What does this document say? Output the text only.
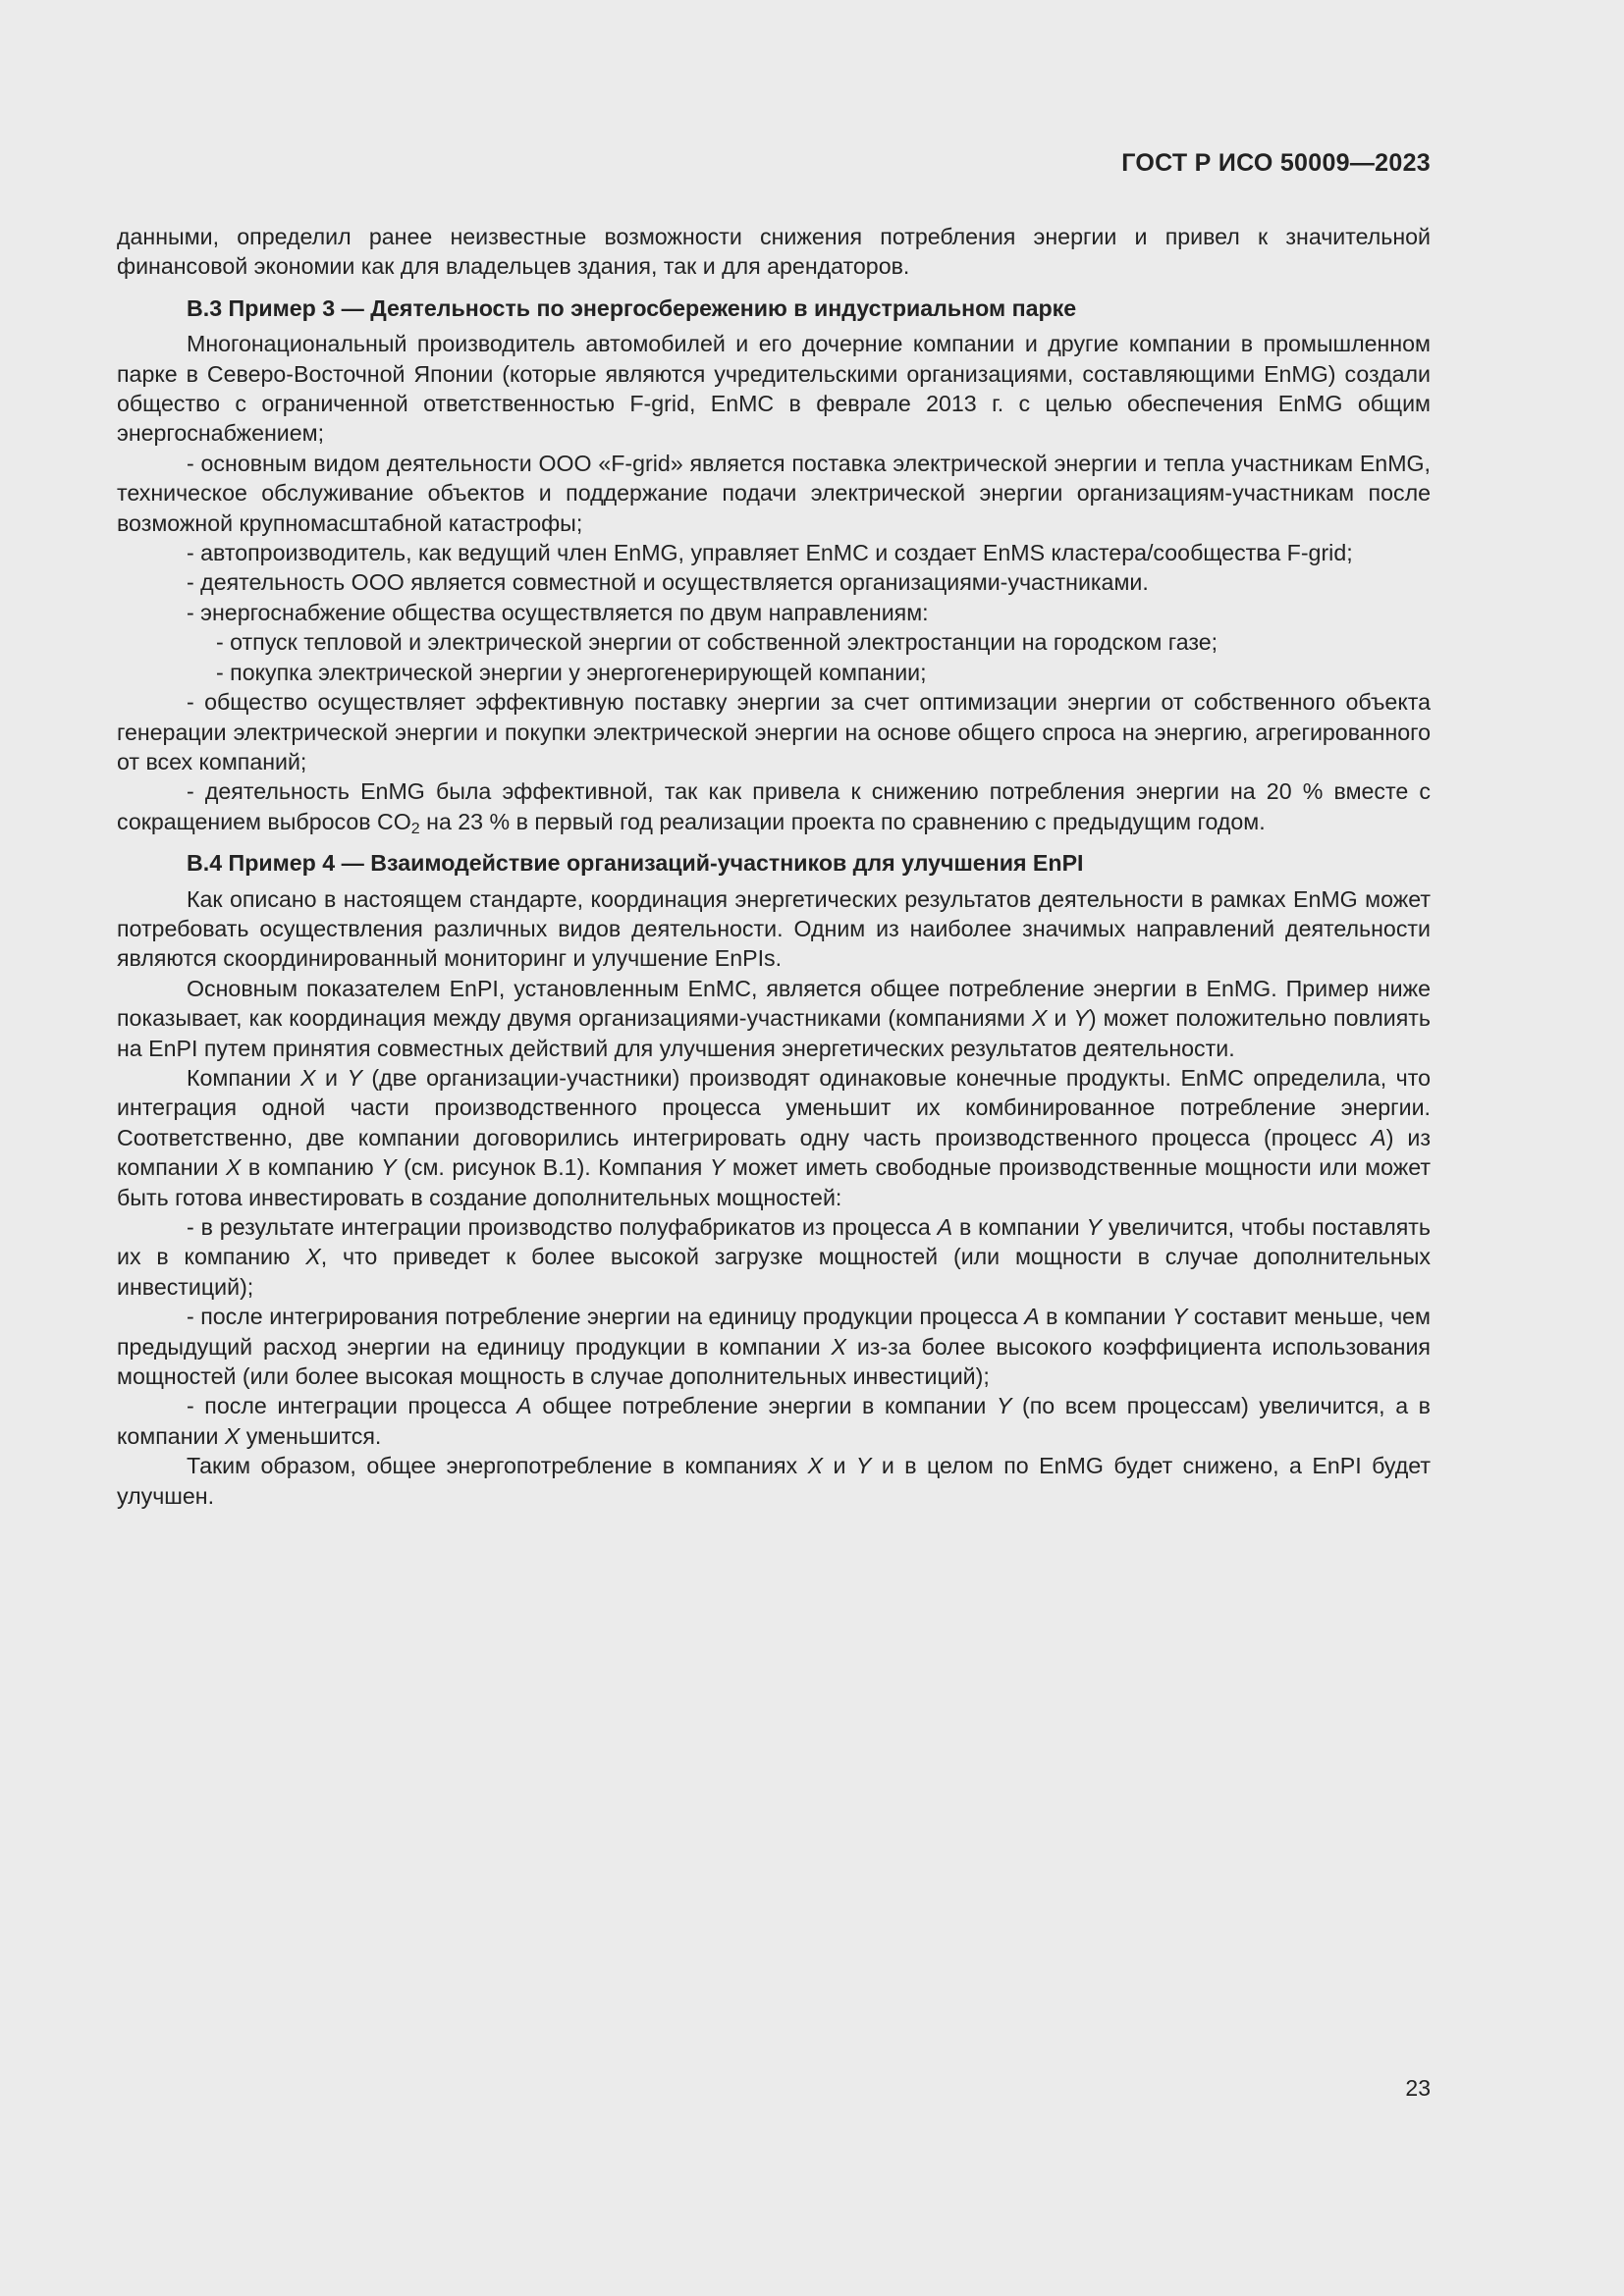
ГОСТ Р ИСО 50009—2023

данными, определил ранее неизвестные возможности снижения потребления энергии и привел к значительной финансовой экономии как для владельцев здания, так и для арендаторов.

B.3 Пример 3 — Деятельность по энергосбережению в индустриальном парке

Многонациональный производитель автомобилей и его дочерние компании и другие компании в промышленном парке в Северо-Восточной Японии (которые являются учредительскими организациями, составляющими EnMG) создали общество с ограниченной ответственностью F-grid, EnMC в феврале 2013 г. с целью обеспечения EnMG общим энергоснабжением;

- основным видом деятельности ООО «F-grid» является поставка электрической энергии и тепла участникам EnMG, техническое обслуживание объектов и поддержание подачи электрической энергии организациям-участникам после возможной крупномасштабной катастрофы;

- автопроизводитель, как ведущий член EnMG, управляет EnMC и создает EnMS кластера/сообщества F-grid;

- деятельность ООО является совместной и осуществляется организациями-участниками.

- энергоснабжение общества осуществляется по двум направлениям:

- отпуск тепловой и электрической энергии от собственной электростанции на городском газе;

- покупка электрической энергии у энергогенерирующей компании;

- общество осуществляет эффективную поставку энергии за счет оптимизации энергии от собственного объекта генерации электрической энергии и покупки электрической энергии на основе общего спроса на энергию, агрегированного от всех компаний;

- деятельность EnMG была эффективной, так как привела к снижению потребления энергии на 20 % вместе с сокращением выбросов $CO_2$ на 23 % в первый год реализации проекта по сравнению с предыдущим годом.

B.4 Пример 4 — Взаимодействие организаций-участников для улучшения EnPI

Как описано в настоящем стандарте, координация энергетических результатов деятельности в рамках EnMG может потребовать осуществления различных видов деятельности. Одним из наиболее значимых направлений деятельности являются скоординированный мониторинг и улучшение EnPIs.

Основным показателем EnPI, установленным EnMC, является общее потребление энергии в EnMG. Пример ниже показывает, как координация между двумя организациями-участниками (компаниями X и Y) может положительно повлиять на EnPI путем принятия совместных действий для улучшения энергетических результатов деятельности.

Компании X и Y (две организации-участники) производят одинаковые конечные продукты. EnMC определила, что интеграция одной части производственного процесса уменьшит их комбинированное потребление энергии. Соответственно, две компании договорились интегрировать одну часть производственного процесса (процесс A) из компании X в компанию Y (см. рисунок B.1). Компания Y может иметь свободные производственные мощности или может быть готова инвестировать в создание дополнительных мощностей:

- в результате интеграции производство полуфабрикатов из процесса A в компании Y увеличится, чтобы поставлять их в компанию X, что приведет к более высокой загрузке мощностей (или мощности в случае дополнительных инвестиций);

- после интегрирования потребление энергии на единицу продукции процесса A в компании Y составит меньше, чем предыдущий расход энергии на единицу продукции в компании X из-за более высокого коэффициента использования мощностей (или более высокая мощность в случае дополнительных инвестиций);

- после интеграции процесса A общее потребление энергии в компании Y (по всем процессам) увеличится, а в компании X уменьшится.

Таким образом, общее энергопотребление в компаниях X и Y и в целом по EnMG будет снижено, а EnPI будет улучшен.

23
